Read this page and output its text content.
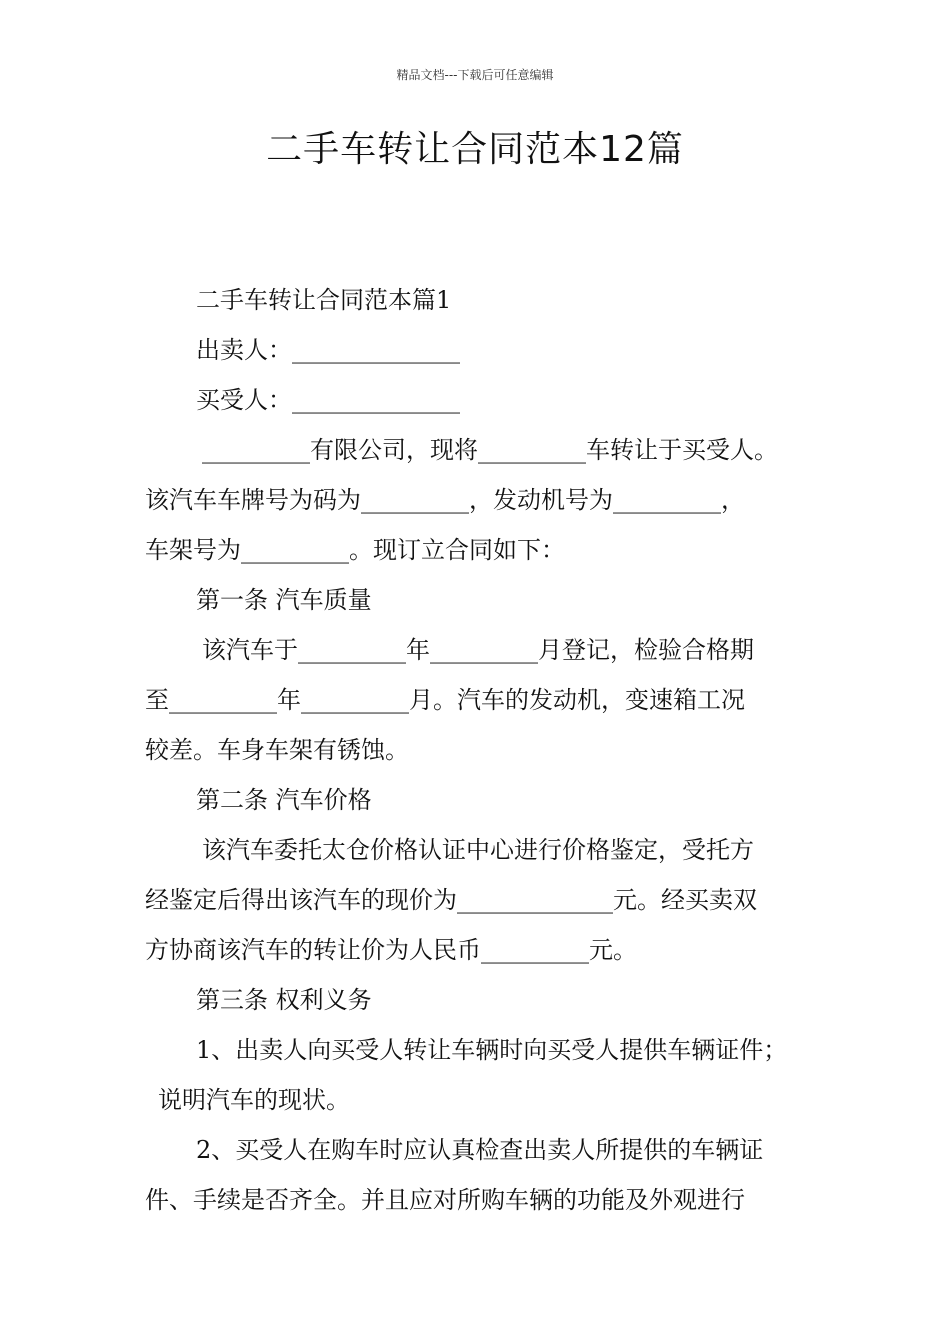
精品文档---下载后可任意编辑
二手车转让合同范本12篇
二手车转让合同范本篇1
出卖人：______________
买受人：______________
_________有限公司，现将_________车转让于买受人。
该汽车车牌号为码为_________，发动机号为_________，
车架号为_________。现订立合同如下：
第一条 汽车质量
该汽车于_________年_________月登记，检验合格期
至_________年_________月。汽车的发动机，变速箱工况
较差。车身车架有锈蚀。
第二条 汽车价格
该汽车委托太仓价格认证中心进行价格鉴定，受托方
经鉴定后得出该汽车的现价为_____________元。经买卖双
方协商该汽车的转让价为人民币_________元。
第三条 权利义务
1、出卖人向买受人转让车辆时向买受人提供车辆证件；
说明汽车的现状。
2、买受人在购车时应认真检查出卖人所提供的车辆证
件、手续是否齐全。并且应对所购车辆的功能及外观进行
